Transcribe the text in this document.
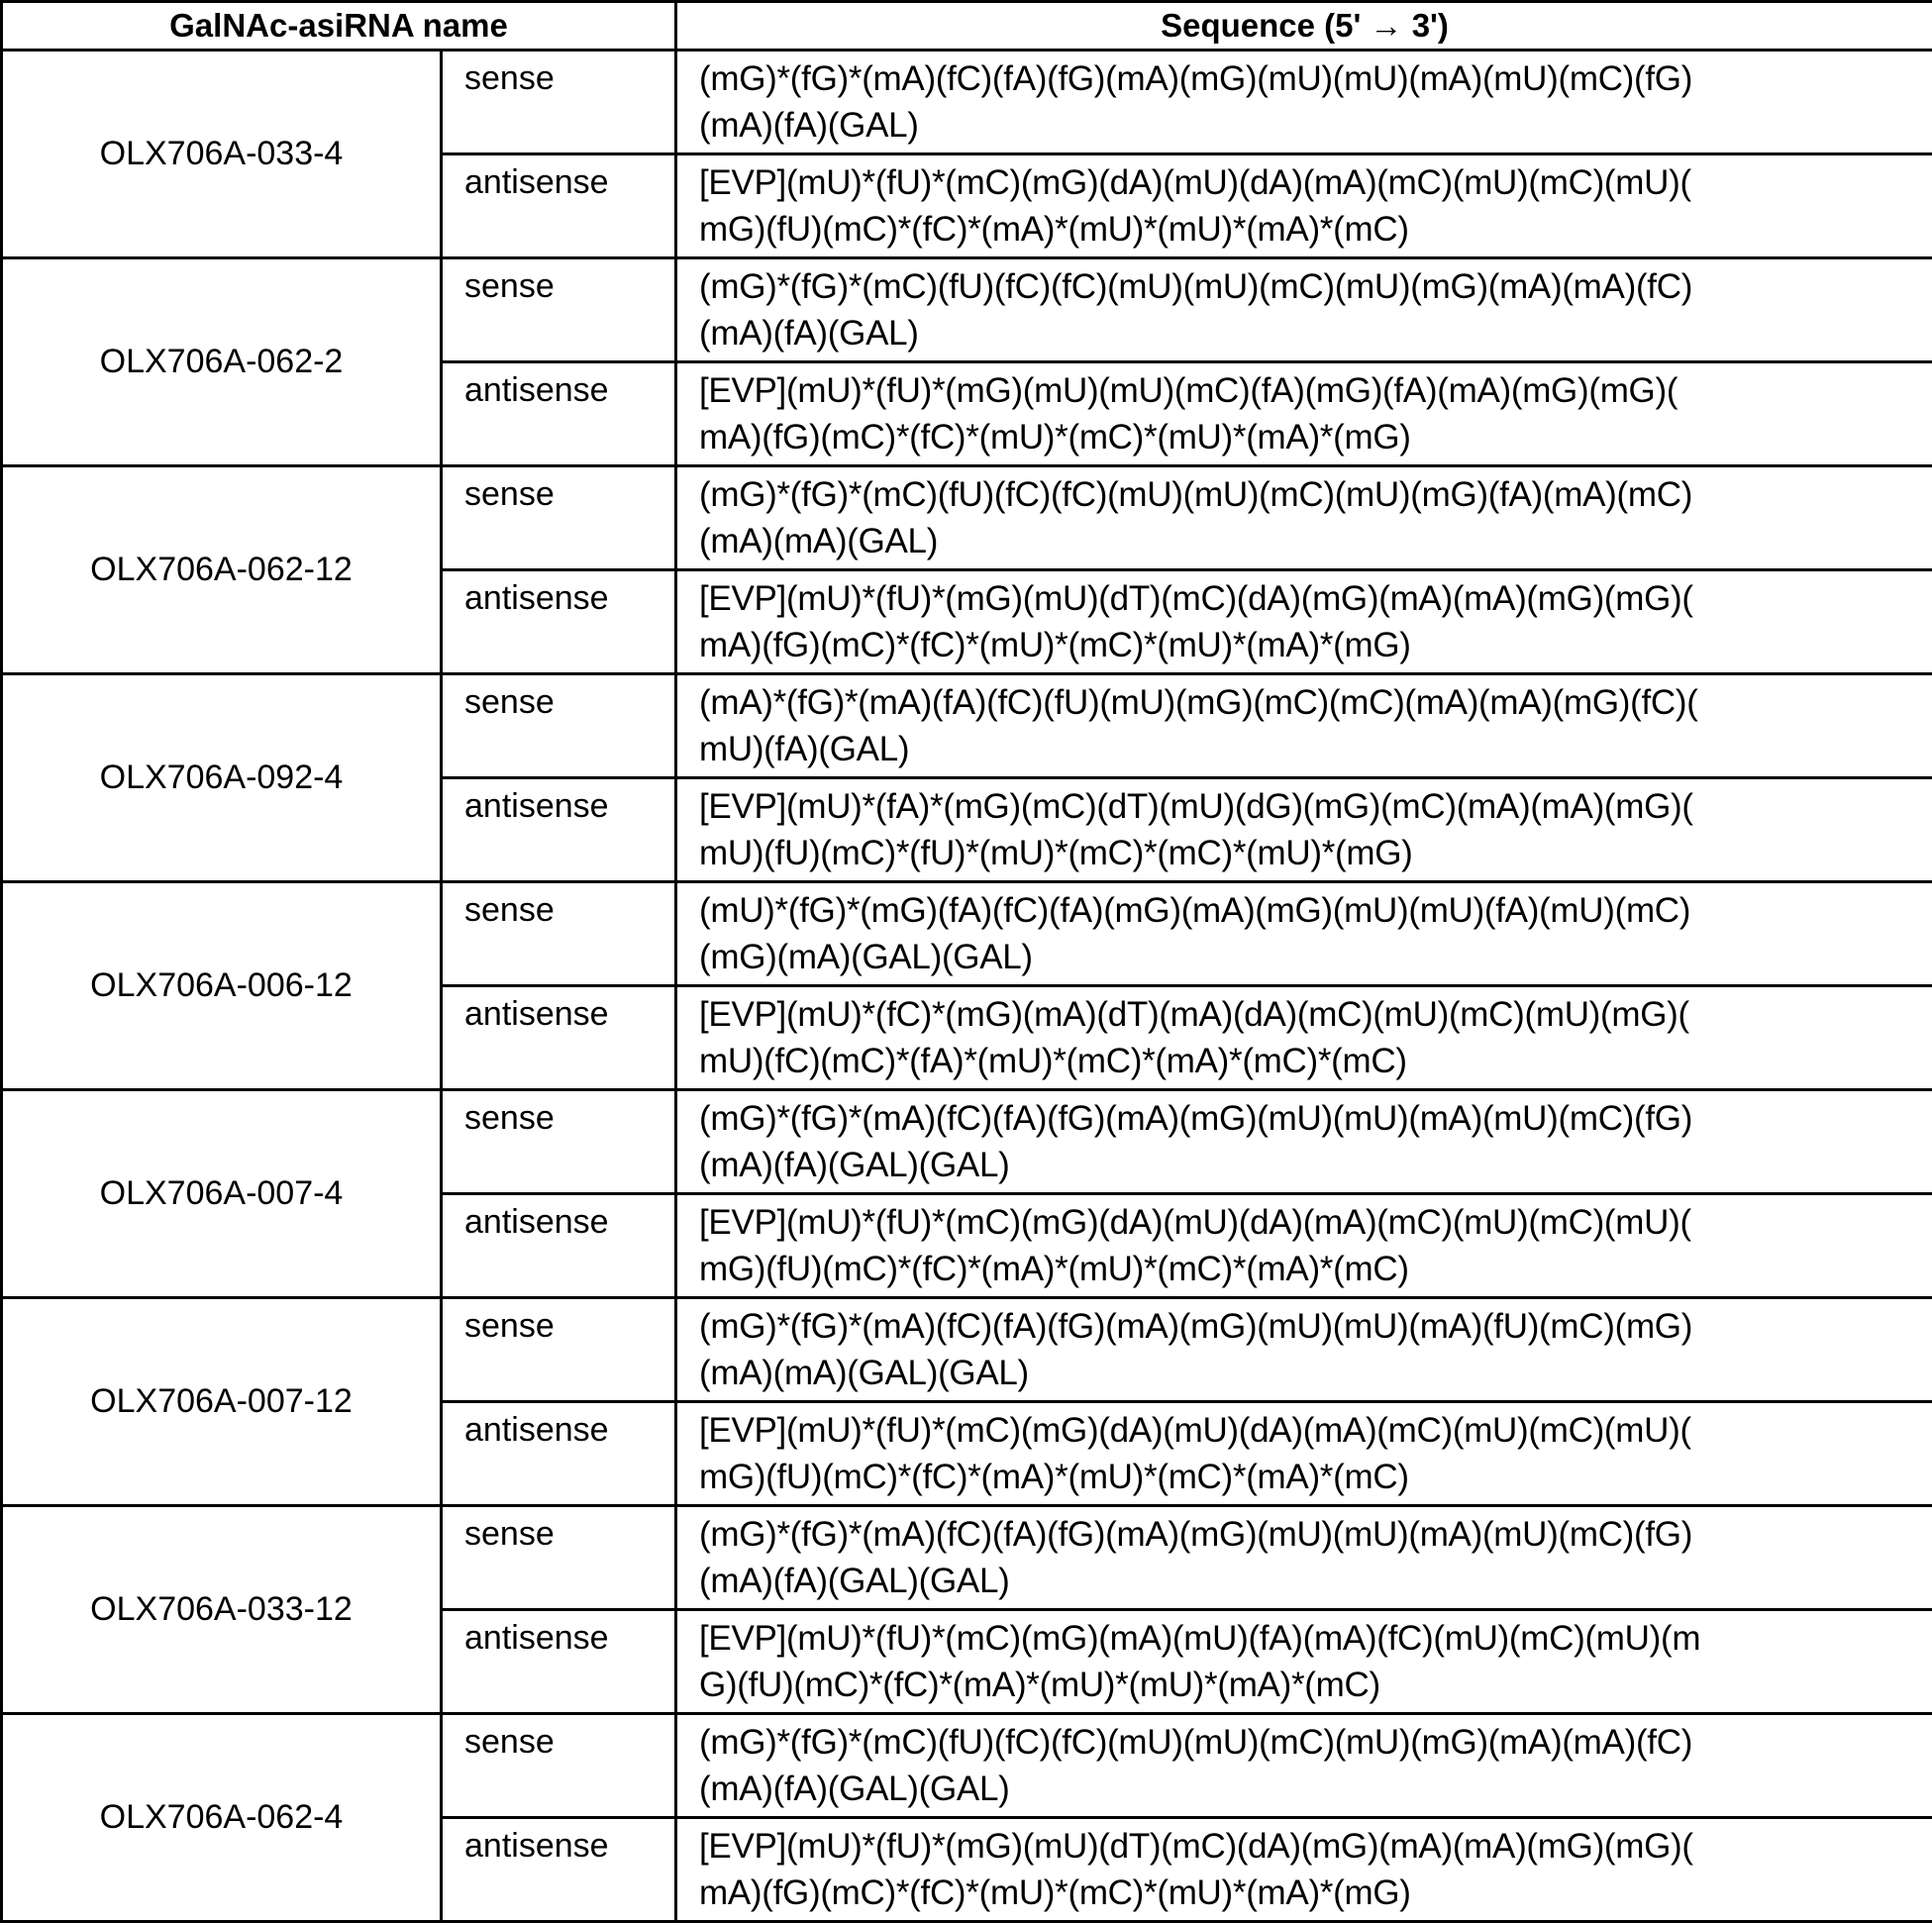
GalNAc-asiRNA name	Sequence (5' → 3')
OLX706A-033-4	sense	(mG)*(fG)*(mA)(fC)(fA)(fG)(mA)(mG)(mU)(mU)(mA)(mU)(mC)(fG)
(mA)(fA)(GAL)

antisense	[EVP](mU)*(fU)*(mC)(mG)(dA)(mU)(dA)(mA)(mC)(mU)(mC)(mU)(
mG)(fU)(mC)*(fC)*(mA)*(mU)*(mU)*(mA)*(mC)

OLX706A-062-2	sense	(mG)*(fG)*(mC)(fU)(fC)(fC)(mU)(mU)(mC)(mU)(mG)(mA)(mA)(fC)
(mA)(fA)(GAL)

antisense	[EVP](mU)*(fU)*(mG)(mU)(mU)(mC)(fA)(mG)(fA)(mA)(mG)(mG)(
mA)(fG)(mC)*(fC)*(mU)*(mC)*(mU)*(mA)*(mG)

OLX706A-062-12	sense	(mG)*(fG)*(mC)(fU)(fC)(fC)(mU)(mU)(mC)(mU)(mG)(fA)(mA)(mC)
(mA)(mA)(GAL)

antisense	[EVP](mU)*(fU)*(mG)(mU)(dT)(mC)(dA)(mG)(mA)(mA)(mG)(mG)(
mA)(fG)(mC)*(fC)*(mU)*(mC)*(mU)*(mA)*(mG)

OLX706A-092-4	sense	(mA)*(fG)*(mA)(fA)(fC)(fU)(mU)(mG)(mC)(mC)(mA)(mA)(mG)(fC)(
mU)(fA)(GAL)

antisense	[EVP](mU)*(fA)*(mG)(mC)(dT)(mU)(dG)(mG)(mC)(mA)(mA)(mG)(
mU)(fU)(mC)*(fU)*(mU)*(mC)*(mC)*(mU)*(mG)

OLX706A-006-12	sense	(mU)*(fG)*(mG)(fA)(fC)(fA)(mG)(mA)(mG)(mU)(mU)(fA)(mU)(mC)
(mG)(mA)(GAL)(GAL)

antisense	[EVP](mU)*(fC)*(mG)(mA)(dT)(mA)(dA)(mC)(mU)(mC)(mU)(mG)(
mU)(fC)(mC)*(fA)*(mU)*(mC)*(mA)*(mC)*(mC)

OLX706A-007-4	sense	(mG)*(fG)*(mA)(fC)(fA)(fG)(mA)(mG)(mU)(mU)(mA)(mU)(mC)(fG)
(mA)(fA)(GAL)(GAL)

antisense	[EVP](mU)*(fU)*(mC)(mG)(dA)(mU)(dA)(mA)(mC)(mU)(mC)(mU)(
mG)(fU)(mC)*(fC)*(mA)*(mU)*(mC)*(mA)*(mC)

OLX706A-007-12	sense	(mG)*(fG)*(mA)(fC)(fA)(fG)(mA)(mG)(mU)(mU)(mA)(fU)(mC)(mG)
(mA)(mA)(GAL)(GAL)

antisense	[EVP](mU)*(fU)*(mC)(mG)(dA)(mU)(dA)(mA)(mC)(mU)(mC)(mU)(
mG)(fU)(mC)*(fC)*(mA)*(mU)*(mC)*(mA)*(mC)

OLX706A-033-12	sense	(mG)*(fG)*(mA)(fC)(fA)(fG)(mA)(mG)(mU)(mU)(mA)(mU)(mC)(fG)
(mA)(fA)(GAL)(GAL)

antisense	[EVP](mU)*(fU)*(mC)(mG)(mA)(mU)(fA)(mA)(fC)(mU)(mC)(mU)(m
G)(fU)(mC)*(fC)*(mA)*(mU)*(mU)*(mA)*(mC)

OLX706A-062-4	sense	(mG)*(fG)*(mC)(fU)(fC)(fC)(mU)(mU)(mC)(mU)(mG)(mA)(mA)(fC)
(mA)(fA)(GAL)(GAL)

antisense	[EVP](mU)*(fU)*(mG)(mU)(dT)(mC)(dA)(mG)(mA)(mA)(mG)(mG)(
mA)(fG)(mC)*(fC)*(mU)*(mC)*(mU)*(mA)*(mG)
